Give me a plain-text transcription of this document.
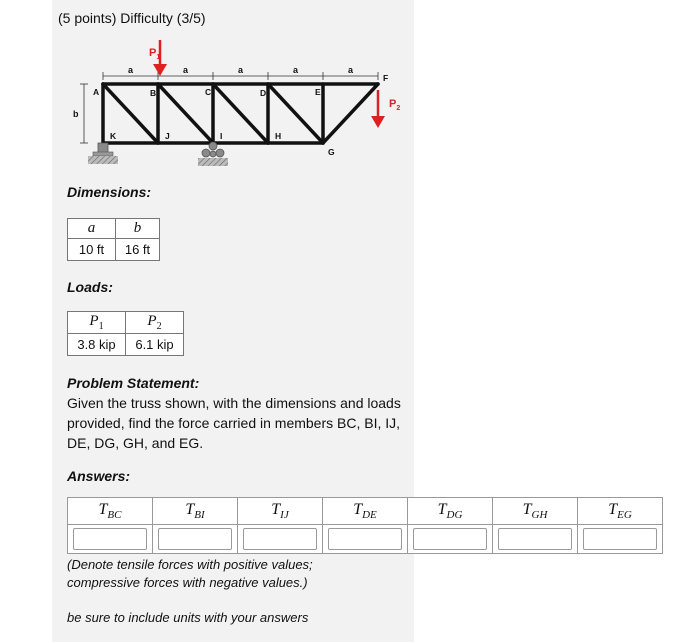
(5 points) Difficulty (3/5)
$P_1$
$P_2$
a	a	a	a	a
b
A	B	C	D	E
F
G
H
I
J
K
Dimensions:
a	b
10 ft	16 ft
Loads:
$P_1$	$P_2$
3.8 kip	6.1 kip
Problem Statement:
Given the truss shown, with the dimensions and loads provided, find the force carried in members BC, BI, IJ, DE, DG, GH, and EG.
Answers:
$T_{BC}$	$T_{BI}$	$T_{IJ}$	$T_{DE}$	$T_{DG}$	$T_{GH}$	$T_{EG}$

(Denote tensile forces with positive values;
compressive forces with negative values.)
be sure to include units with your answers
